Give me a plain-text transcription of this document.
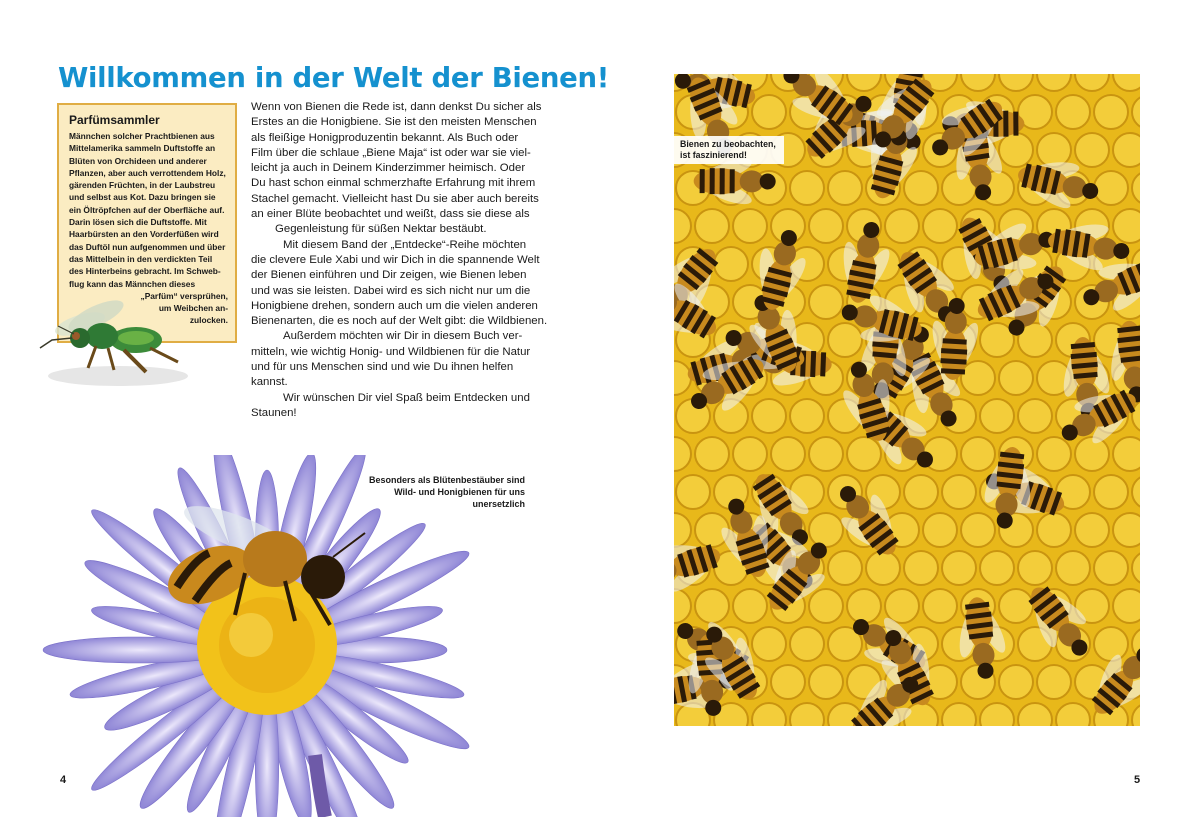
Willkommen in der Welt der Bienen!
Parfümsammler
Männchen solcher Prachtbienen aus
Mittelamerika sammeln Duftstoffe an
Blüten von Orchideen und anderer
Pflanzen, aber auch verrottendem Holz,
gärenden Früchten, in der Laubstreu
und selbst aus Kot. Dazu bringen sie
ein Öltröpfchen auf der Oberfläche auf.
Darin lösen sich die Duftstoffe. Mit
Haarbürsten an den Vorderfüßen wird
das Duftöl nun aufgenommen und über
das Mittelbein in den verdickten Teil
des Hinterbeins gebracht. Im Schweb-
flug kann das Männchen dieses
„Parfüm“ versprühen,
um Weibchen an-
zulocken.
Wenn von Bienen die Rede ist, dann denkst Du sicher als
Erstes an die Honigbiene. Sie ist den meisten Menschen
als fleißige Honigproduzentin bekannt. Als Buch oder
Film über die schlaue „Biene Maja“ ist oder war sie viel-
leicht ja auch in Deinem Kinderzimmer heimisch. Oder
Du hast schon einmal schmerzhafte Erfahrung mit ihrem
Stachel gemacht. Vielleicht hast Du sie aber auch bereits
an einer Blüte beobachtet und weißt, dass sie diese als
Gegenleistung für süßen Nektar bestäubt.
Mit diesem Band der „Entdecke“-Reihe möchten
die clevere Eule Xabi und wir Dich in die spannende Welt
der Bienen einführen und Dir zeigen, wie Bienen leben
und was sie leisten. Dabei wird es sich nicht nur um die
Honigbiene drehen, sondern auch um die vielen anderen
Bienenarten, die es noch auf der Welt gibt: die Wildbienen.
Außerdem möchten wir Dir in diesem Buch ver-
mitteln, wie wichtig Honig- und Wildbienen für die Natur
und für uns Menschen sind und wie Du ihnen helfen
kannst.
Wir wünschen Dir viel Spaß beim Entdecken und
Staunen!
Besonders als Blütenbestäuber sind
Wild- und Honigbienen für uns
unersetzlich
4
Bienen zu beobachten,
ist faszinierend!
5
